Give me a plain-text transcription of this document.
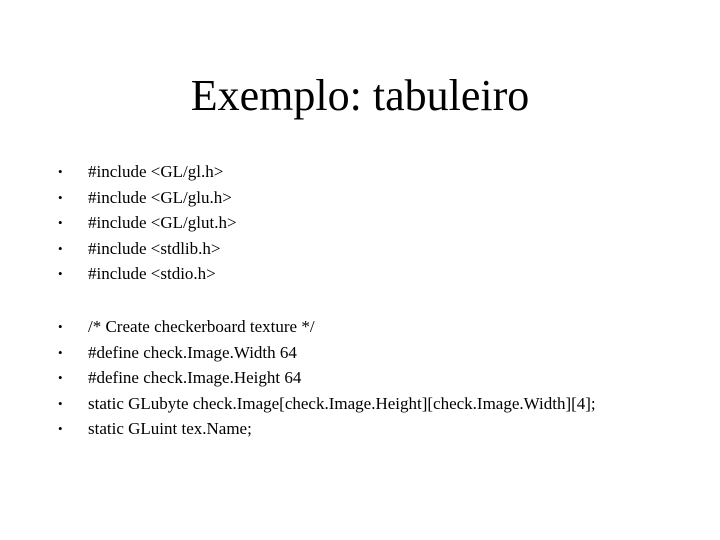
Exemplo: tabuleiro
•	#include <GL/gl.h>
•	#include <GL/glu.h>
•	#include <GL/glut.h>
•	#include <stdlib.h>
•	#include <stdio.h>
•	/* Create checkerboard texture */
•	#define check.Image.Width 64
•	#define check.Image.Height 64
•	static GLubyte check.Image[check.Image.Height][check.Image.Width][4];
•	static GLuint tex.Name;
